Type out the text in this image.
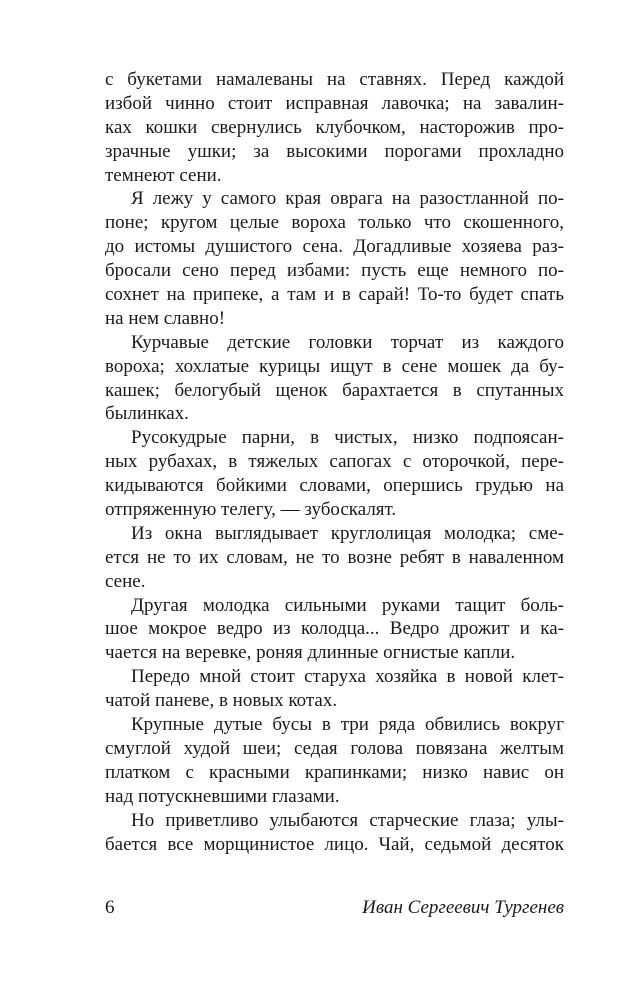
с букетами намалеваны на ставнях. Перед каждой
избой чинно стоит исправная лавочка; на завалин-
ках кошки свернулись клубочком, насторожив про-
зрачные ушки; за высокими порогами прохладно
темнеют сени.
Я лежу у самого края оврага на разостланной по-
поне; кругом целые вороха только что скошенного,
до истомы душистого сена. Догадливые хозяева раз-
бросали сено перед избами: пусть еще немного по-
сохнет на припеке, а там и в сарай! То-то будет спать
на нем славно!
Курчавые детские головки торчат из каждого
вороха; хохлатые курицы ищут в сене мошек да бу-
кашек; белогубый щенок барахтается в спутанных
былинках.
Русокудрые парни, в чистых, низко подпоясан-
ных рубахах, в тяжелых сапогах с оторочкой, пере-
кидываются бойкими словами, опершись грудью на
отпряженную телегу, — зубоскалят.
Из окна выглядывает круглолицая молодка; сме-
ется не то их словам, не то возне ребят в наваленном
сене.
Другая молодка сильными руками тащит боль-
шое мокрое ведро из колодца... Ведро дрожит и ка-
чается на веревке, роняя длинные огнистые капли.
Передо мной стоит старуха хозяйка в новой клет-
чатой паневе, в новых котах.
Крупные дутые бусы в три ряда обвились вокруг
смуглой худой шеи; седая голова повязана желтым
платком с красными крапинками; низко навис он
над потускневшими глазами.
Но приветливо улыбаются старческие глаза; улы-
бается все морщинистое лицо. Чай, седьмой десяток
6	Иван Сергеевич Тургенев
